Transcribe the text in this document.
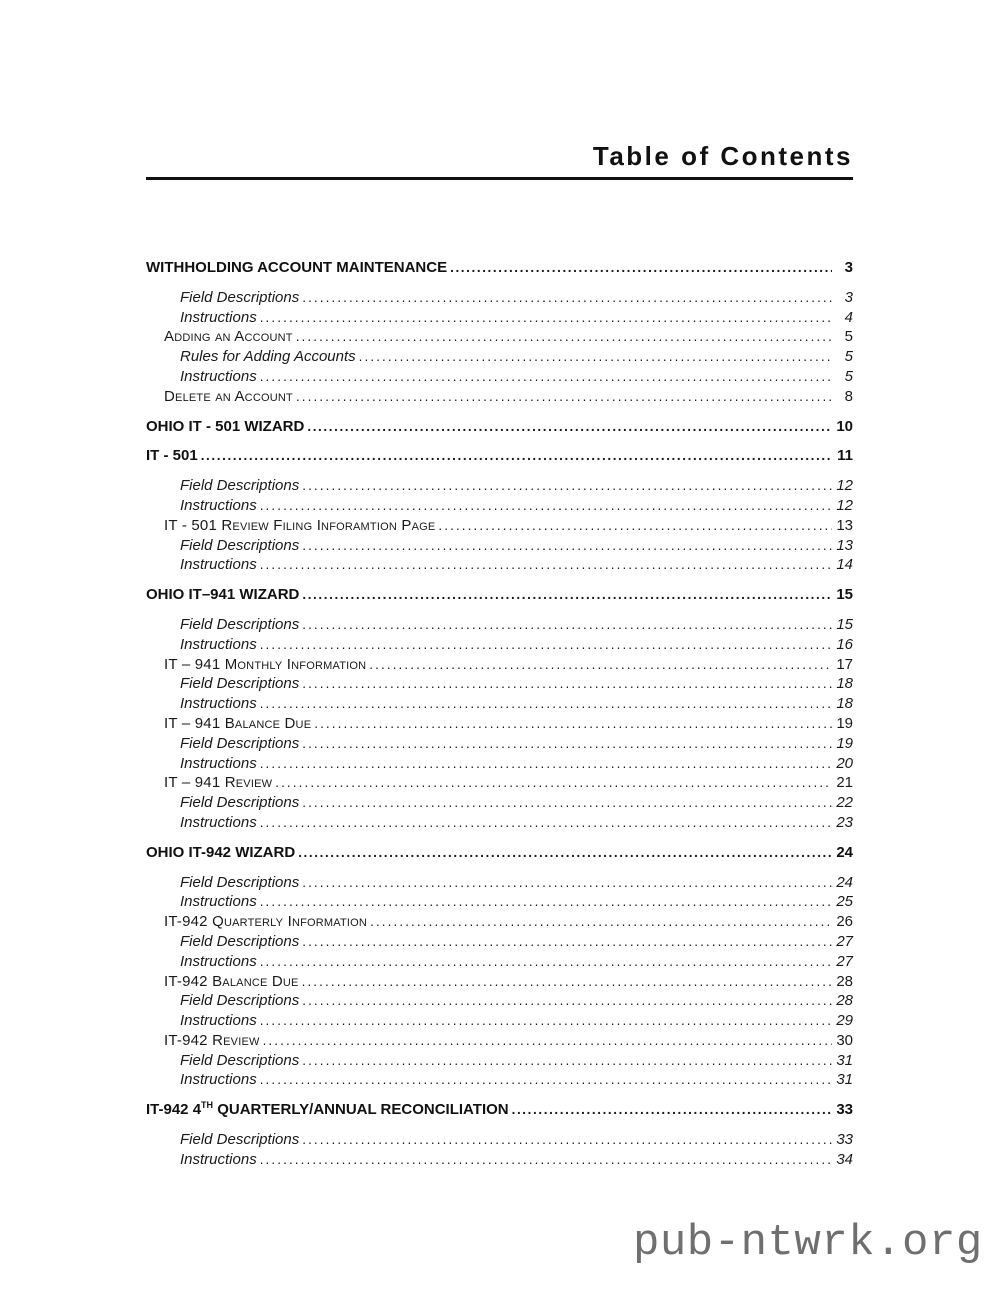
Table of Contents
WITHHOLDING ACCOUNT MAINTENANCE .....	3
Field Descriptions .....	3
Instructions .....	4
Adding an Account .....	5
Rules for Adding Accounts .....	5
Instructions .....	5
Delete an Account .....	8
OHIO IT - 501 WIZARD .....	10
IT - 501 .....	11
Field Descriptions .....	12
Instructions .....	12
IT - 501 Review Filing Inforamtion Page .....	13
Field Descriptions .....	13
Instructions .....	14
OHIO IT–941 WIZARD .....	15
Field Descriptions .....	15
Instructions .....	16
IT – 941 Monthly Information .....	17
Field Descriptions .....	18
Instructions .....	18
IT – 941 Balance Due .....	19
Field Descriptions .....	19
Instructions .....	20
IT – 941 Review .....	21
Field Descriptions .....	22
Instructions .....	23
OHIO IT-942 WIZARD .....	24
Field Descriptions .....	24
Instructions .....	25
IT-942 Quarterly Information .....	26
Field Descriptions .....	27
Instructions .....	27
IT-942 Balance Due .....	28
Field Descriptions .....	28
Instructions .....	29
IT-942 Review .....	30
Field Descriptions .....	31
Instructions .....	31
IT-942 4TH QUARTERLY/ANNUAL RECONCILIATION .....	33
Field Descriptions .....	33
Instructions .....	34
pub-ntwrk.org
